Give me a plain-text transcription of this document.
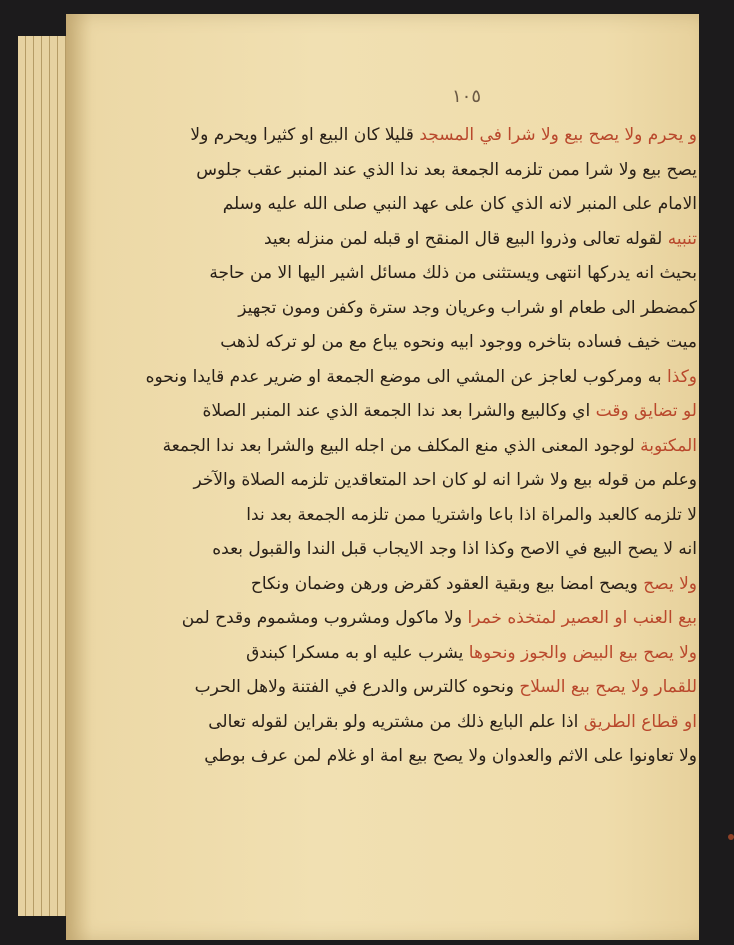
١٠٥
و يحرم ولا يصح بيع ولا شرا في المسجد قليلا كان البيع او كثيرا ويحرم ولا
يصح بيع ولا شرا ممن تلزمه الجمعة بعد ندا الذي عند المنبر عقب جلوس
الامام على المنبر لانه الذي كان على عهد النبي صلى الله عليه وسلم
تنبيه لقوله تعالى وذروا البيع قال المنقح او قبله لمن منزله بعيد
بحيث انه يدركها انتهى ويستثنى من ذلك مسائل اشير اليها الا من حاجة
كمضطر الى طعام او شراب وعريان وجد سترة وكفن ومون تجهيز
ميت خيف فساده بتاخره ووجود ابيه ونحوه يباع مع من لو تركه لذهب
وكذا به ومركوب لعاجز عن المشي الى موضع الجمعة او ضرير عدم قايدا ونحوه
لو تضايق وقت اي وكالبيع والشرا بعد ندا الجمعة الذي عند المنبر الصلاة
المكتوبة لوجود المعنى الذي منع المكلف من اجله البيع والشرا بعد ندا الجمعة
وعلم من قوله بيع ولا شرا انه لو كان احد المتعاقدين تلزمه الصلاة والآخر
لا تلزمه كالعبد والمراة اذا باعا واشتريا ممن تلزمه الجمعة بعد ندا
انه لا يصح البيع في الاصح وكذا اذا وجد الايجاب قبل الندا والقبول بعده
ولا يصح ويصح امضا بيع وبقية العقود كقرض ورهن وضمان ونكاح
بيع العنب او العصير لمتخذه خمرا ولا ماكول ومشروب ومشموم وقدح لمن
ولا يصح بيع البيض والجوز ونحوها يشرب عليه او به مسكرا كبندق
للقمار ولا يصح بيع السلاح ونحوه كالترس والدرع في الفتنة ولاهل الحرب
او قطاع الطريق اذا علم البايع ذلك من مشتريه ولو بقراين لقوله تعالى
ولا تعاونوا على الاثم والعدوان ولا يصح بيع امة او غلام لمن عرف بوطي
